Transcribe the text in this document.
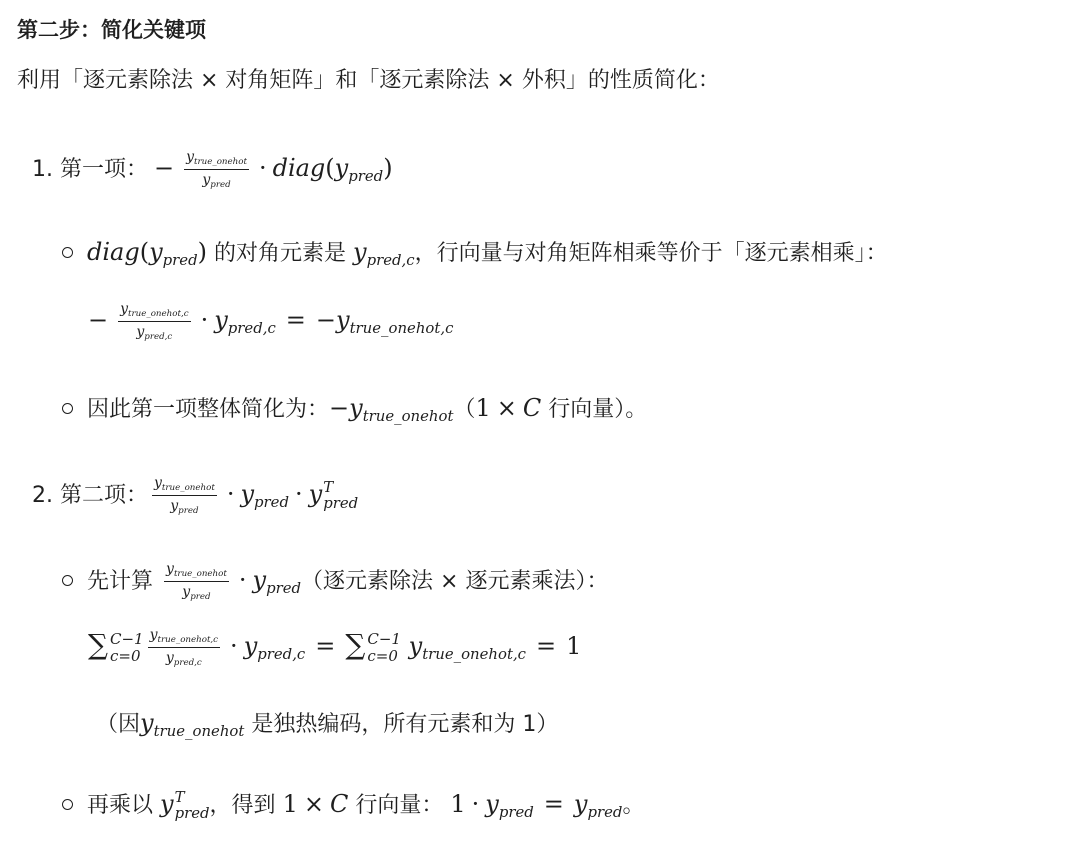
第二步：简化关键项
利用「逐元素除法 × 对角矩阵」和「逐元素除法 × 外积」的性质简化：
1. 第一项： − $\frac{y_{true\_onehot}}{y_{pred}}$ · $diag(y_{pred})$
$diag(y_{pred})$ 的对角元素是 $y_{pred,c}$，行向量与对角矩阵相乘等价于「逐元素相乘」：
− $\frac{y_{true\_onehot,c}}{y_{pred,c}} \cdot y_{pred,c} = -y_{true\_onehot,c}$
因此第一项整体简化为：$-y_{true\_onehot}(1 \times C$ 行向量）。
2. 第二项： $\frac{y_{true\_onehot}}{y_{pred}} \cdot y_{pred} \cdot y$ T
pred
先计算 $\frac{y_{true\_onehot}}{y_{pred}} \cdot y_{pred}$（逐元素除法 × 逐元素乘法）：
∑ C−1
$c=0 \frac{y_{true\_onehot,c}}{y_{pred,c}} \cdot y_{pred,c}$ = ∑ C−1
c=0 $y_{true\_onehot,c} = 1$
（因$y_{true\_onehot}$ 是独热编码，所有元素和为 1）
再乘以 y T
pred ，得到 1 × C 行向量： $1 \cdot y_{pred} = y_{pred}$。
